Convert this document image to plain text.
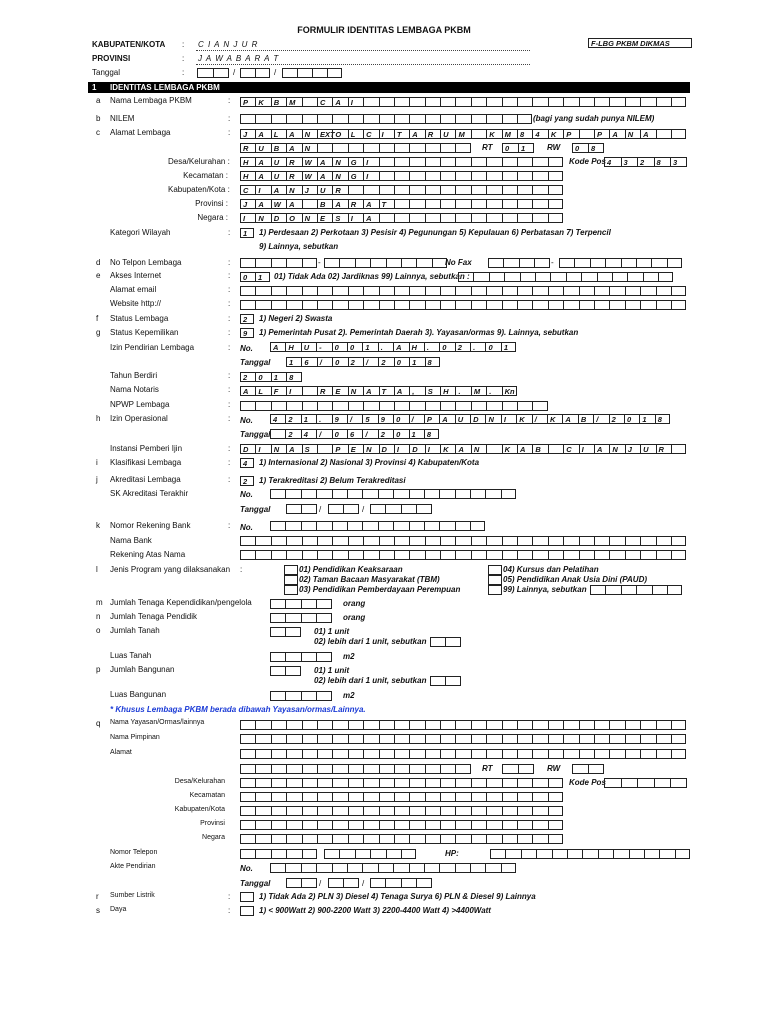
FORMULIR IDENTITAS LEMBAGA PKBM
F-LBG PKBM DIKMAS
KABUPATEN/KOTA : C I A N J U R
PROVINSI	: J A W A B A R A T
Tanggal	:	/	/
1 IDENTITAS LEMBAGA PKBM
a Nama Lembaga PKBM	:	P	K	B	M	C	A	I
b NILEM	:	(bagi yang sudah punya NILEM)
c Alamat Lembaga	:	J	A	L	A	N	EXT O	L	C	I	T	A	R	U	M	K	M	8	4	K	P	P	A	N	A
R	U	B	A	N	RT	0	1	RW	0	8
Desa/Kelurahan :	H	A	U	R	W	A	N	G	I
Kecamatan :	H	A	U	R	W	A	N	G	I
Kabupaten/Kota :	C	I	A	N	J	U	R
Provinsi :	J	A	W	A	B	A	R	A	T
Negara :	I	N	D	O	N	E	S	I	A
Kode Pos 4	3	2	8	3
Kategori Wilayah	:	1	1) Perdesaan 2) Perkotaan 3) Pesisir 4) Pegunungan 5) Kepulauan 6) Perbatasan 7) Terpencil
9) Lainnya, sebutkan
d No Telpon Lembaga	:	-	No Fax	-
e Akses Internet	:	0	1	01) Tidak Ada 02) Jardiknas 99) Lainnya, sebutkan :
Alamat email	:
Website http://	:
f Status Lembaga	:	2	1) Negeri 2) Swasta
g Status Kepemilikan	:	9	1) Pemerintah Pusat 2). Pemerintah Daerah 3). Yayasan/ormas 9). Lainnya, sebutkan
Izin Pendirian Lembaga	: No.	A	H	U	-	0	0	1	.	A	H	.	0	2	.	0	1
Tanggal	1	6	/	0	2	/	2	0	1	8
Tahun Berdiri	:	2	0	1	8
Nama Notaris	:	A	L	F	I	R	E	N	A	T	A	,	S	H	.	M	.	Kn
NPWP Lembaga	:
h Izin Operasional	: No.	4	2	1	.	9	/	5	9	0	/	P	A	U	D	N	I	K	/	K	A	B	/	2	0	1	8
Tanggal	2	4	/	0	6	/	2	0	1	8
Instansi Pemberi Ijin	:	D	I	N	A	S	P	E	N	D	I	D	I	K	A	N	K	A	B	C	I	A	N	J	U	R
i Klasifikasi Lembaga	:	4	1) Internasional 2) Nasional 3) Provinsi 4) Kabupaten/Kota
j Akreditasi Lembaga	:	2	1) Terakreditasi 2) Belum Terakreditasi
SK Akreditasi Terakhir	No.
Tanggal	/	/
k Nomor Rekening Bank	: No.
Nama Bank
Rekening Atas Nama
l Jenis Program yang dilaksanakan :	01) Pendidikan Keaksaraan
02) Taman Bacaan Masyarakat (TBM)
03) Pendidikan Pemberdayaan Perempuan
04) Kursus dan Pelatihan
05) Pendidikan Anak Usia Dini (PAUD)
99) Lainnya, sebutkan
m Jumlah Tenaga Kependidikan/pengelola	orang
n Jumlah Tenaga Pendidik	orang
o Jumlah Tanah	01) 1 unit
02) lebih dari 1 unit, sebutkan
Luas Tanah	m2
p Jumlah Bangunan	01) 1 unit
02) lebih dari 1 unit, sebutkan
Luas Bangunan	m2
* Khusus Lembaga PKBM berada dibawah Yayasan/ormas/Lainnya.
q Nama Yayasan/Ormas/lainnya
Nama Pimpinan
Alamat
RT	RW
Desa/Kelurahan
Kecamatan
Kabupaten/Kota
Provinsi
Negara
Kode Pos
Nomor Telepon	HP:
Akte Pendirian	No.
Tanggal	/	/
r Sumber Listrik	:	1) Tidak Ada 2) PLN 3) Diesel 4) Tenaga Surya 6) PLN & Diesel 9) Lainnya
s Daya	:	1) < 900Watt 2) 900-2200 Watt 3) 2200-4400 Watt 4) >4400Watt
